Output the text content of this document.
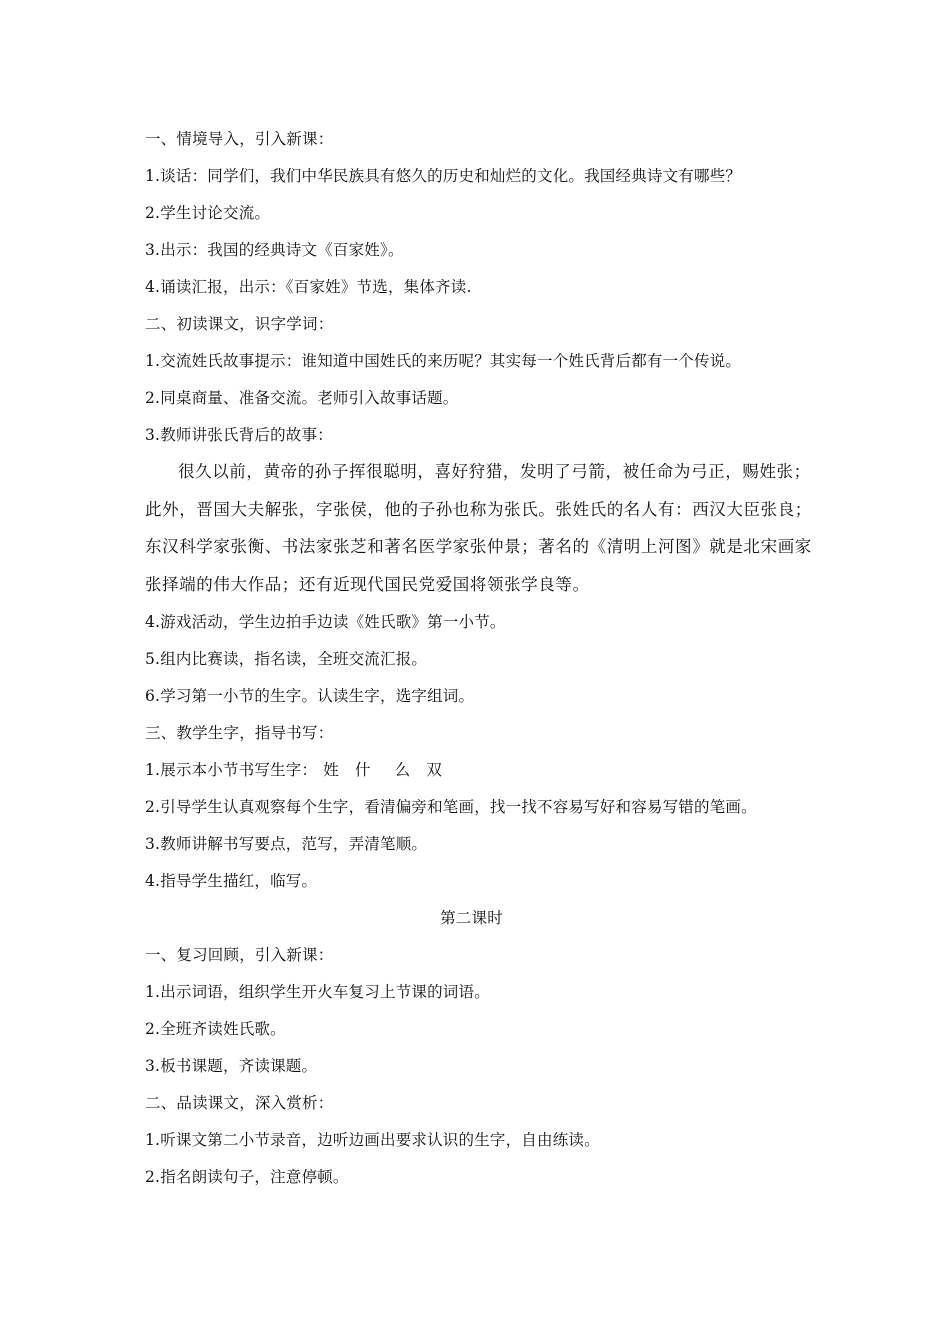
一、情境导入，引入新课：
1.谈话：同学们，我们中华民族具有悠久的历史和灿烂的文化。我国经典诗文有哪些？
2.学生讨论交流。
3.出示：我国的经典诗文《百家姓》。
4.诵读汇报，出示：《百家姓》节选，集体齐读.
二、初读课文，识字学词：
1.交流姓氏故事提示：谁知道中国姓氏的来历呢？其实每一个姓氏背后都有一个传说。
2.同桌商量、准备交流。老师引入故事话题。
3.教师讲张氏背后的故事：
很久以前，黄帝的孙子挥很聪明，喜好狩猎，发明了弓箭，被任命为弓正，赐姓张；
此外，晋国大夫解张，字张侯，他的子孙也称为张氏。张姓氏的名人有：西汉大臣张良；
东汉科学家张衡、书法家张芝和著名医学家张仲景；著名的《清明上河图》就是北宋画家
张择端的伟大作品；还有近现代国民党爱国将领张学良等。
4.游戏活动，学生边拍手边读《姓氏歌》第一小节。
5.组内比赛读，指名读，全班交流汇报。
6.学习第一小节的生字。认读生字，选字组词。
三、教学生字，指导书写：
1.展示本小节书写生字： 姓 什 么 双
2.引导学生认真观察每个生字，看清偏旁和笔画，找一找不容易写好和容易写错的笔画。
3.教师讲解书写要点，范写，弄清笔顺。
4.指导学生描红，临写。
第二课时
一、复习回顾，引入新课：
1.出示词语，组织学生开火车复习上节课的词语。
2.全班齐读姓氏歌。
3.板书课题，齐读课题。
二、品读课文，深入赏析：
1.听课文第二小节录音，边听边画出要求认识的生字，自由练读。
2.指名朗读句子，注意停顿。
